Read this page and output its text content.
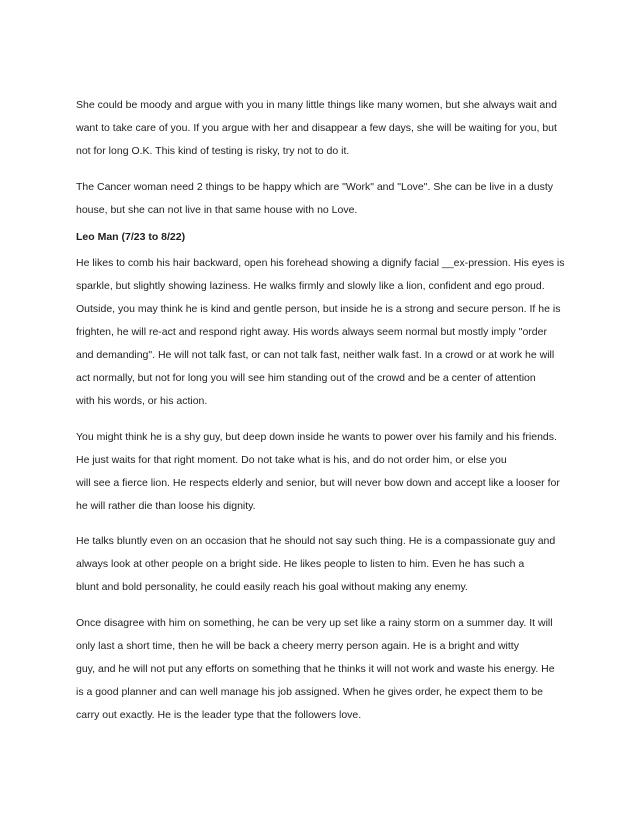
She could be moody and argue with you in many little things like many women, but she always wait and
want to take care of you. If you argue with her and disappear a few days, she will be waiting for you, but
not for long O.K. This kind of testing is risky, try not to do it.

The Cancer woman need 2 things to be happy which are "Work" and "Love". She can be live in a dusty
house, but she can not live in that same house with no Love.

Leo Man (7/23 to 8/22)

He likes to comb his hair backward, open his forehead showing a dignify facial __ex-pression. His eyes is
sparkle, but slightly showing laziness. He walks firmly and slowly like a lion, confident and ego proud.
Outside, you may think he is kind and gentle person, but inside he is a strong and secure person. If he is
frighten, he will re-act and respond right away. His words always seem normal but mostly imply "order
and demanding". He will not talk fast, or can not talk fast, neither walk fast. In a crowd or at work he will
act normally, but not for long you will see him standing out of the crowd and be a center of attention
with his words, or his action.

You might think he is a shy guy, but deep down inside he wants to power over his family and his friends.
He just waits for that right moment. Do not take what is his, and do not order him, or else you
will see a fierce lion. He respects elderly and senior, but will never bow down and accept like a looser for
he will rather die than loose his dignity.

He talks bluntly even on an occasion that he should not say such thing. He is a compassionate guy and
always look at other people on a bright side. He likes people to listen to him. Even he has such a
blunt and bold personality, he could easily reach his goal without making any enemy.

Once disagree with him on something, he can be very up set like a rainy storm on a summer day. It will
only last a short time, then he will be back a cheery merry person again. He is a bright and witty
guy, and he will not put any efforts on something that he thinks it will not work and waste his energy. He
is a good planner and can well manage his job assigned. When he gives order, he expect them to be
carry out exactly. He is the leader type that the followers love.
